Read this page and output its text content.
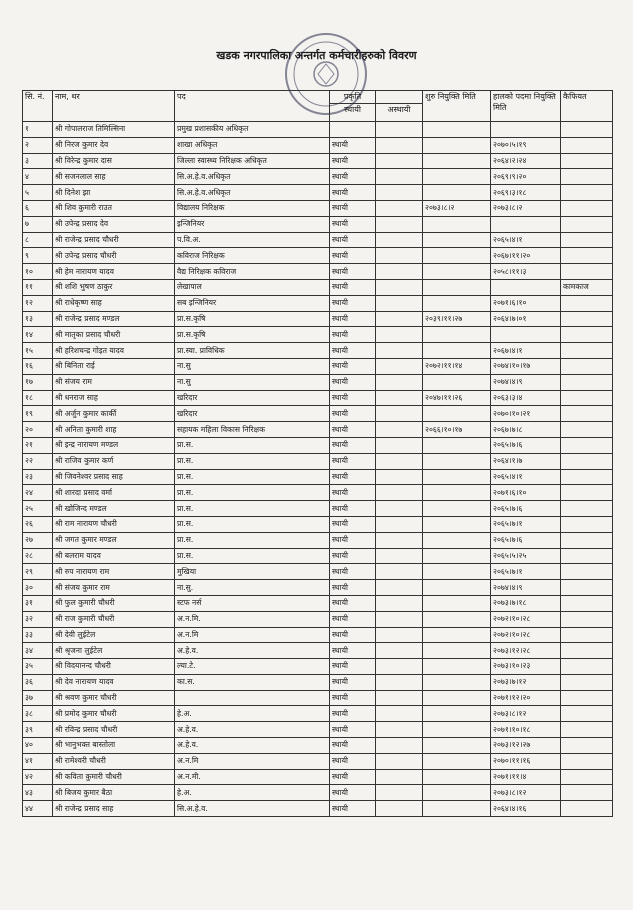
खडक नगरपालिका अन्तर्गत कर्मचारीहरुको विवरण
सि. नं.	नाम, थर	पद	प्रकृति
स्थायी	अस्थायी	शुरु नियुक्ति मिति	हालको पदमा नियुक्ति मिति	कैफियत
१	श्री गोपालराज तिमिल्सिना	प्रमुख प्रशासकीय अधिकृत					
२	श्री निरज कुमार देव	शाखा अधिकृत	स्थायी			२०७०।५।१९	
३	श्री विरेन्द्र कुमार दास	जिल्ला स्वास्थ्य निरिक्षक अधिकृत	स्थायी			२०६४।२।२४	
४	श्री सजनलाल साह	सि.अ.हे.व.अधिकृत	स्थायी			२०६९।९।२०	
५	श्री दिनेश झा	सि.अ.हे.व.अधिकृत	स्थायी			२०६९।३।१८	
६	श्री शिव कुमारी राउत	विद्यालय निरिक्षक	स्थायी		२०७३।८।२	२०७३।८।२	
७	श्री उपेन्द्र प्रसाद देव	इन्जिनियर	स्थायी				
८	श्री राजेन्द्र प्रसाद चौधरी	प.वि.अ.	स्थायी			२०६५।४।१	
९	श्री उपेन्द्र प्रसाद चौधरी	कविराज निरिक्षक	स्थायी			२०६७।११।२०	
१०	श्री हेम नारायण यादव	वैद्य निरिक्षक कविराज	स्थायी			२०५८।११।३	
११	श्री शशि भुषण ठाकुर	लेखापाल	स्थायी				कामकाज
१२	श्री राधेकृष्ण साह	सब इन्जिनियर	स्थायी			२०७१।६।१०	
१३	श्री राजेन्द्र प्रसाद मण्डल	प्रा.स.कृषि	स्थायी		२०३९।११।२७	२०६४।७।०१	
१४	श्री मातृका प्रसाद चौधरी	प्रा.स.कृषि	स्थायी				
१५	श्री हरिशचन्द्र गोइत यादव	प्रा.स्वा. प्राविधिक	स्थायी			२०६७।४।१	
१६	श्री बिनिता राई	ना.सु	स्थायी		२०७२।११।१४	२०७४।१०।१७	
१७	श्री संजय राम	ना.सु	स्थायी			२०७४।४।९	
१८	श्री धनराज साह	खरिदार	स्थायी		२०४७।११।२६	२०६३।३।४	
१९	श्री अर्जुन कुमार कार्की	खरिदार	स्थायी			२०७०।१०।२१	
२०	श्री अनिता कुमारी शाह	सहायक महिला विकास निरिक्षक	स्थायी		२०६६।१०।१७	२०६७।७।८	
२१	श्री इन्द्र नारायण मण्डल	प्रा.स.	स्थायी			२०६५।७।६	
२२	श्री राजिव कुमार कर्ण	प्रा.स.	स्थायी			२०६४।१।७	
२३	श्री जिवनेश्वर प्रसाद साह	प्रा.स.	स्थायी			२०६५।४।१	
२४	श्री शारदा प्रसाद वर्मा	प्रा.स.	स्थायी			२०७१।६।१०	
२५	श्री खोजिन्द मण्डल	प्रा.स.	स्थायी			२०६५।७।६	
२६	श्री राम नारायण चौधरी	प्रा.स.	स्थायी			२०६५।७।१	
२७	श्री जगत कुमार मण्डल	प्रा.स.	स्थायी			२०६५।७।६	
२८	श्री बलराम यादव	प्रा.स.	स्थायी			२०६५।५।२५	
२९	श्री रुप नारायण राम	मुखिया	स्थायी			२०६५।७।१	
३०	श्री संजय कुमार राम	ना.सु.	स्थायी			२०७४।४।९	
३१	श्री फुल कुमारी चौधरी	स्टफ नर्स	स्थायी			२०७३।७।१८	
३२	श्री राज कुमारी चौधरी	अ.न.मि.	स्थायी			२०७२।१०।२८	
३३	श्री देवी लुईटेल	अ.न.मि	स्थायी			२०७२।१०।२८	
३४	श्री श्रृजना लुईटेल	अ.हे.व.	स्थायी			२०७३।१२।२८	
३५	श्री विदयानन्द चौधरी	ल्या.टे.	स्थायी			२०७३।१०।२३	
३६	श्री देव नारायण यादव	का.स.	स्थायी			२०७३।७।१२	
३७	श्री श्रवण कुमार चौधरी		स्थायी			२०७१।१२।२०	
३८	श्री प्रमोद कुमार चौधरी	हे.अ.	स्थायी			२०७३।८।१२	
३९	श्री रविन्द्र प्रसाद चौधरी	अ.हे.व.	स्थायी			२०७१।१०।१८	
४०	श्री भानुभक्त बास्तोला	अ.हे.व.	स्थायी			२०७३।१२।२७	
४१	श्री रामेश्वरी चौधरी	अ.न.मि	स्थायी			२०७०।११।१६	
४२	श्री कविता कुमारी चौधरी	अ.न.मी.	स्थायी			२०७१।११।४	
४३	श्री बिजय कुमार बैठा	हे.अ.	स्थायी			२०७३।८।१२	
४४	श्री राजेन्द्र प्रसाद साह	सि.अ.हे.व.	स्थायी			२०६४।४।१६	
